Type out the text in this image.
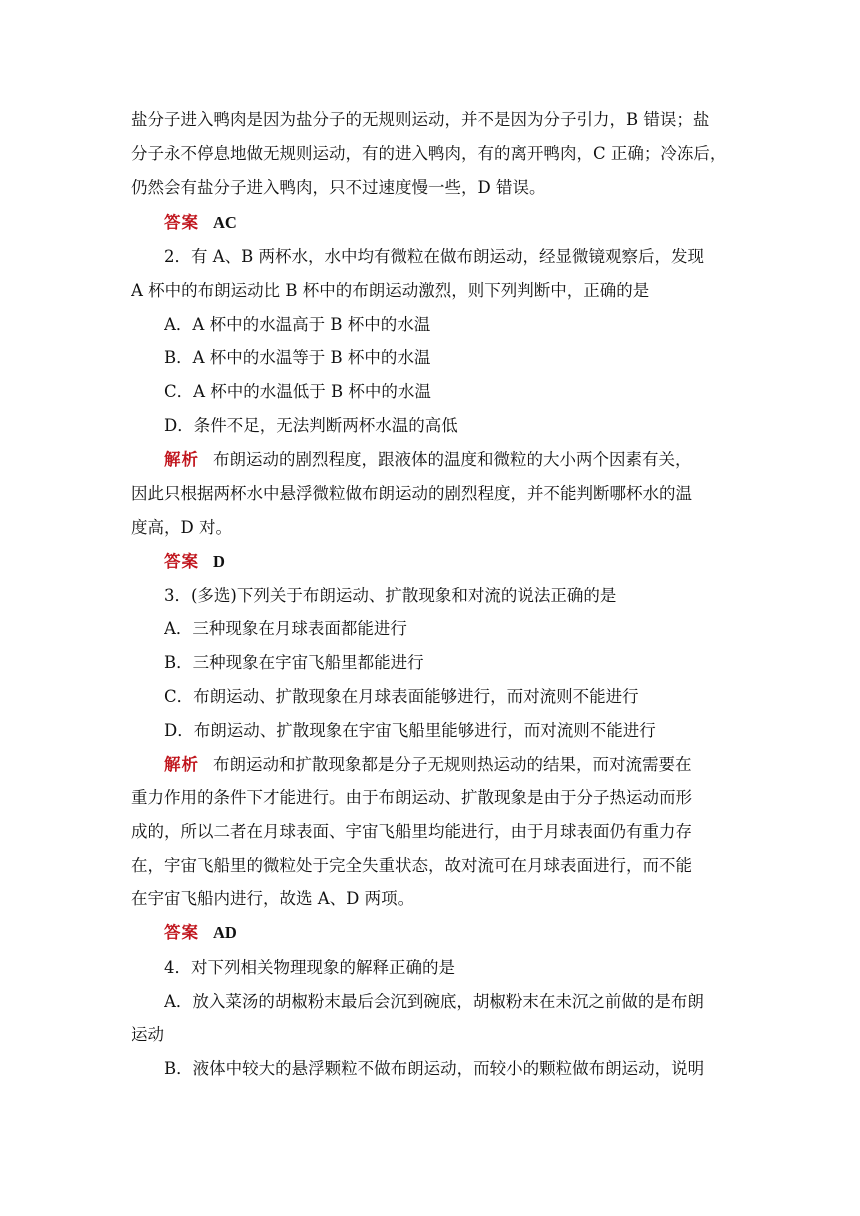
盐分子进入鸭肉是因为盐分子的无规则运动，并不是因为分子引力，B 错误；盐
分子永不停息地做无规则运动，有的进入鸭肉，有的离开鸭肉，C 正确；冷冻后，
仍然会有盐分子进入鸭肉，只不过速度慢一些，D 错误。
答案 AC
2．有 A、B 两杯水，水中均有微粒在做布朗运动，经显微镜观察后，发现
A 杯中的布朗运动比 B 杯中的布朗运动激烈，则下列判断中，正确的是
A．A 杯中的水温高于 B 杯中的水温
B．A 杯中的水温等于 B 杯中的水温
C．A 杯中的水温低于 B 杯中的水温
D．条件不足，无法判断两杯水温的高低
解析 布朗运动的剧烈程度，跟液体的温度和微粒的大小两个因素有关，
因此只根据两杯水中悬浮微粒做布朗运动的剧烈程度，并不能判断哪杯水的温
度高，D 对。
答案 D
3．(多选)下列关于布朗运动、扩散现象和对流的说法正确的是
A．三种现象在月球表面都能进行
B．三种现象在宇宙飞船里都能进行
C．布朗运动、扩散现象在月球表面能够进行，而对流则不能进行
D．布朗运动、扩散现象在宇宙飞船里能够进行，而对流则不能进行
解析 布朗运动和扩散现象都是分子无规则热运动的结果，而对流需要在
重力作用的条件下才能进行。由于布朗运动、扩散现象是由于分子热运动而形
成的，所以二者在月球表面、宇宙飞船里均能进行，由于月球表面仍有重力存
在，宇宙飞船里的微粒处于完全失重状态，故对流可在月球表面进行，而不能
在宇宙飞船内进行，故选 A、D 两项。
答案 AD
4．对下列相关物理现象的解释正确的是
A．放入菜汤的胡椒粉末最后会沉到碗底，胡椒粉末在未沉之前做的是布朗
运动
B．液体中较大的悬浮颗粒不做布朗运动，而较小的颗粒做布朗运动，说明
